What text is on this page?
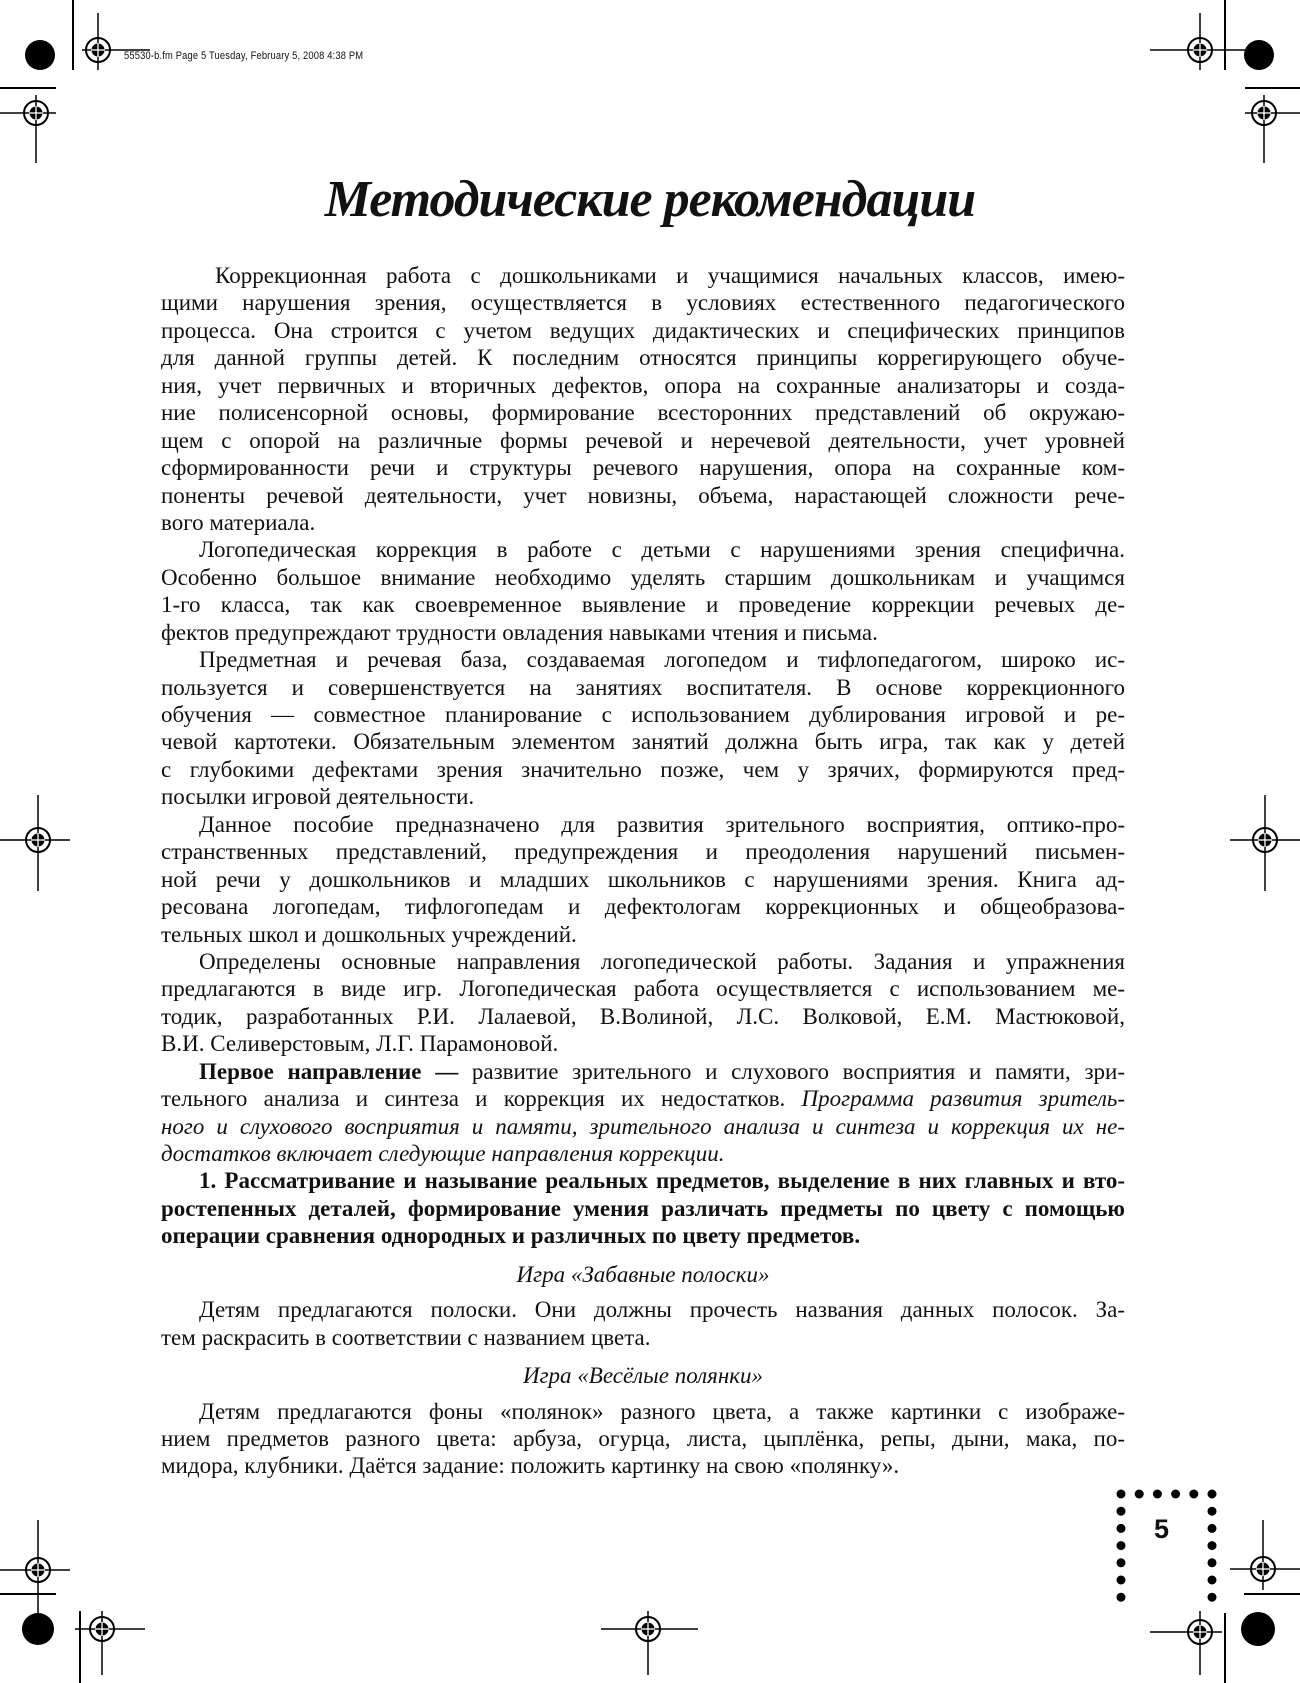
55530-b.fm Page 5 Tuesday, February 5, 2008 4:38 PM
Методические рекомендации
Коррекционная работа с дошкольниками и учащимися начальных классов, имею-
щими нарушения зрения, осуществляется в условиях естественного педагогического
процесса. Она строится с учетом ведущих дидактических и специфических принципов
для данной группы детей. К последним относятся принципы коррегирующего обуче-
ния, учет первичных и вторичных дефектов, опора на сохранные анализаторы и созда-
ние полисенсорной основы, формирование всесторонних представлений об окружаю-
щем с опорой на различные формы речевой и неречевой деятельности, учет уровней
сформированности речи и структуры речевого нарушения, опора на сохранные ком-
поненты речевой деятельности, учет новизны, объема, нарастающей сложности рече-
вого материала.
Логопедическая коррекция в работе с детьми с нарушениями зрения специфична.
Особенно большое внимание необходимо уделять старшим дошкольникам и учащимся
1-го класса, так как своевременное выявление и проведение коррекции речевых де-
фектов предупреждают трудности овладения навыками чтения и письма.
Предметная и речевая база, создаваемая логопедом и тифлопедагогом, широко ис-
пользуется и совершенствуется на занятиях воспитателя. В основе коррекционного
обучения — совместное планирование с использованием дублирования игровой и ре-
чевой картотеки. Обязательным элементом занятий должна быть игра, так как у детей
с глубокими дефектами зрения значительно позже, чем у зрячих, формируются пред-
посылки игровой деятельности.
Данное пособие предназначено для развития зрительного восприятия, оптико-про-
странственных представлений, предупреждения и преодоления нарушений письмен-
ной речи у дошкольников и младших школьников с нарушениями зрения. Книга ад-
ресована логопедам, тифлогопедам и дефектологам коррекционных и общеобразова-
тельных школ и дошкольных учреждений.
Определены основные направления логопедической работы. Задания и упражнения
предлагаются в виде игр. Логопедическая работа осуществляется с использованием ме-
тодик, разработанных Р.И. Лалаевой, В.Волиной, Л.С. Волковой, Е.М. Мастюковой,
В.И. Селиверстовым, Л.Г. Парамоновой.
Первое направление — развитие зрительного и слухового восприятия и памяти, зри-
тельного анализа и синтеза и коррекция их недостатков. Программа развития зритель-
ного и слухового восприятия и памяти, зрительного анализа и синтеза и коррекция их не-
достатков включает следующие направления коррекции.
1. Рассматривание и называние реальных предметов, выделение в них главных и вто-
ростепенных деталей, формирование умения различать предметы по цвету с помощью
операции сравнения однородных и различных по цвету предметов.
Игра «Забавные полоски»
Детям предлагаются полоски. Они должны прочесть названия данных полосок. За-
тем раскрасить в соответствии с названием цвета.
Игра «Весёлые полянки»
Детям предлагаются фоны «полянок» разного цвета, а также картинки с изображе-
нием предметов разного цвета: арбуза, огурца, листа, цыплёнка, репы, дыни, мака, по-
мидора, клубники. Даётся задание: положить картинку на свою «полянку».
5
